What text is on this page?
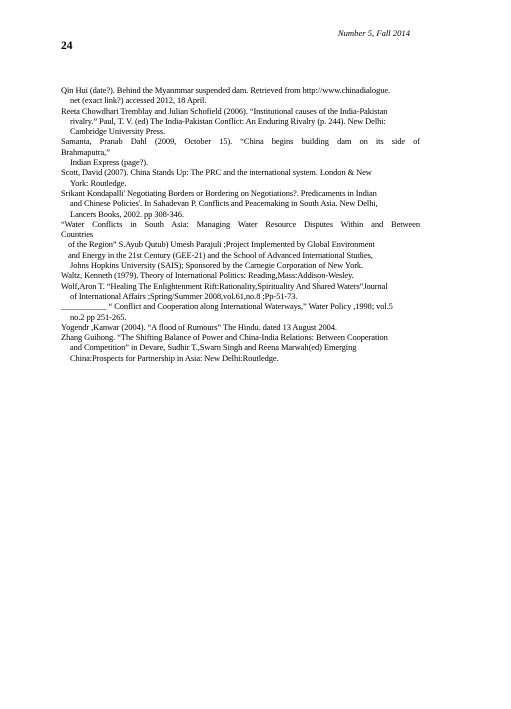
Number 5, Fall 2014
24

Qin Hui (date?). Behind the Myanmmar suspended dam. Retrieved from http://www.chinadialogue.
net (exact link?) accessed 2012, 18 April.

Reeta Chowdhari Tremblay and Julian Schofield (2006). “Institutional causes of the India-Pakistan
rivalry.” Paul, T. V. (ed) The India-Pakistan Conflict: An Enduring Rivalry (p. 244). New Delhi:
Cambridge University Press.

Samanta, Pranab Dahl (2009, October 15). “China begins building dam on its side of
Brahmaputra,”
Indian Express (page?).

Scott, David (2007). China Stands Up: The PRC and the international system. London & New
York: Routledge.

Srikant Kondapalli' Negotiating Borders or Bordering on Negotiations?. Predicaments in Indian
and Chinese Policies'. In Sahadevan P. Conflicts and Peacemaking in South Asia. New Delhi,
Lancers Books, 2002. pp 308-346.

“Water Conflicts in South Asia: Managing Water Resource Disputes Within and Between
Countries
of the Region” S.Ayub Qutub) Umesh Parajuli ;Project Implemented by Global Environment
and Energy in the 21st Century (GEE-21) and the School of Advanced International Studies,
Johns Hopkins University (SAIS); Sponsored by the Carnegie Corporation of New York.

Waltz, Kenneth (1979). Theory of International Politics: Reading,Mass:Addison-Wesley.

Wolf,Aron T. “Healing The Enlightenment Rift:Rationality,Spirituality And Shared Waters”Journal
of International Affairs ;Spring/Summer 2008,vol.61,no.8 ;Pp-51-73.

___________ “ Conflict and Cooperation along International Waterways,” Water Policy ,1998; vol.5
no.2 pp 251-265.

Yogendr ,Kanwar (2004). “A flood of Rumours” The Hindu. dated 13 August 2004.

Zhang Guihong. “The Shifting Balance of Power and China-India Relations: Between Cooperation
and Competition” in Devare, Sudhir T.,Swarn Singh and Reena Marwah(ed) Emerging
China:Prospects for Partnership in Asia: New Delhi:Routledge.
